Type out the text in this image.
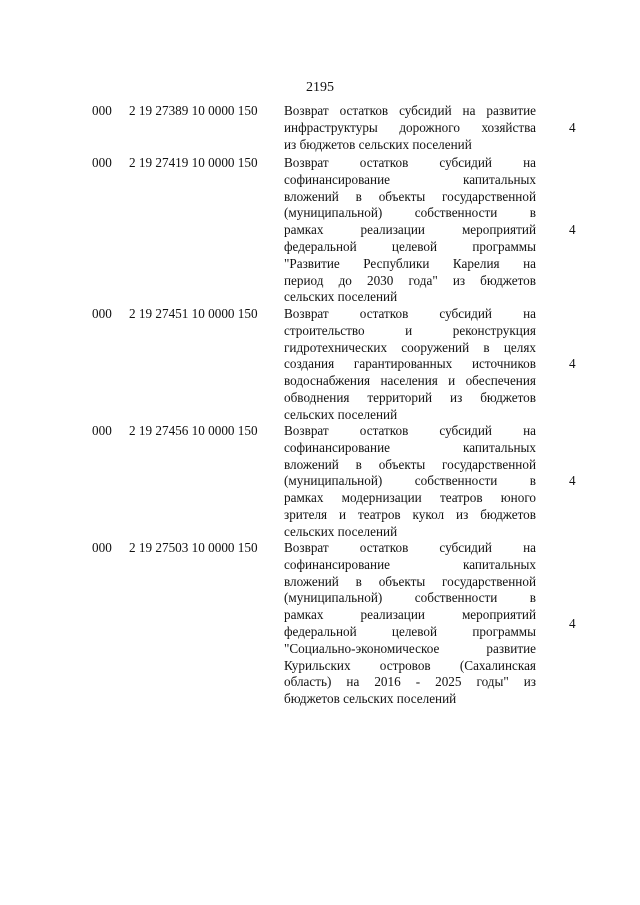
2195
000 2 19 27389 10 0000 150 Возврат остатков субсидий на развитие
инфраструктуры дорожного хозяйства
из бюджетов сельских поселений
4
000 2 19 27419 10 0000 150 Возврат остатков субсидий на
софинансирование капитальных
вложений в объекты государственной
(муниципальной) собственности в
рамках реализации мероприятий
федеральной целевой программы
"Развитие Республики Карелия на
период до 2030 года" из бюджетов
сельских поселений
4
000 2 19 27451 10 0000 150 Возврат остатков субсидий на
строительство и реконструкция
гидротехнических сооружений в целях
создания гарантированных источников
водоснабжения населения и обеспечения
обводнения территорий из бюджетов
сельских поселений
4
000 2 19 27456 10 0000 150 Возврат остатков субсидий на
софинансирование капитальных
вложений в объекты государственной
(муниципальной) собственности в
рамках модернизации театров юного
зрителя и театров кукол из бюджетов
сельских поселений
4
000 2 19 27503 10 0000 150 Возврат остатков субсидий на
софинансирование капитальных
вложений в объекты государственной
(муниципальной) собственности в
рамках реализации мероприятий
федеральной целевой программы
"Социально-экономическое развитие
Курильских островов (Сахалинская
область) на 2016 - 2025 годы" из
бюджетов сельских поселений
4
